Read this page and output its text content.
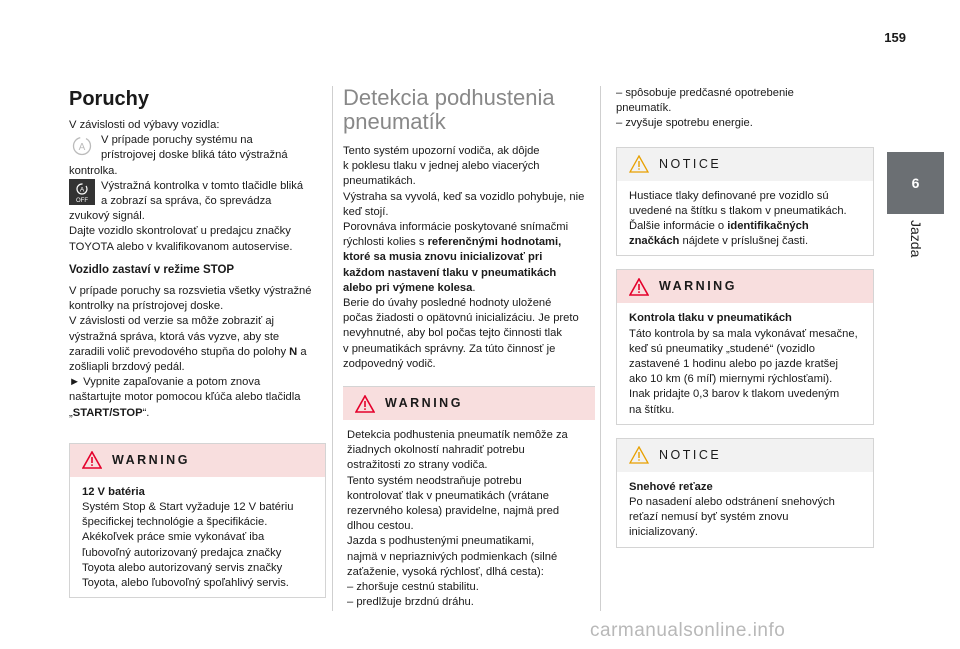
159
6
Jazda
Poruchy

V závislosti od výbavy vozidla:

A

V prípade poruchy systému na

prístrojovej doske bliká táto výstražná

kontrolka.

A
OFF

Výstražná kontrolka v tomto tlačidle bliká

a zobrazí sa správa, čo sprevádza

zvukový signál.

Dajte vozidlo skontrolovať u predajcu značky

TOYOTA alebo v kvalifikovanom autoservise.

Vozidlo zastaví v režime STOP

V prípade poruchy sa rozsvietia všetky výstražné

kontrolky na prístrojovej doske.

V závislosti od verzie sa môže zobraziť aj

výstražná správa, ktorá vás vyzve, aby ste

zaradili volič prevodového stupňa do polohy N a

zošliapli brzdový pedál.

► Vypnite zapaľovanie a potom znova

naštartujte motor pomocou kľúča alebo tlačidla

„START/STOP“.

WARNING

12 V batéria

Systém Stop & Start vyžaduje 12 V batériu

špecifickej technológie a špecifikácie.

Akékoľvek práce smie vykonávať iba

ľubovoľný autorizovaný predajca značky

Toyota alebo autorizovaný servis značky

Toyota, alebo ľubovoľný spoľahlivý servis.

Detekcia podhustenia
pneumatík

Tento systém upozorní vodiča, ak dôjde

k poklesu tlaku v jednej alebo viacerých

pneumatikách.

Výstraha sa vyvolá, keď sa vozidlo pohybuje, nie

keď stojí.

Porovnáva informácie poskytované snímačmi

rýchlosti kolies s referenčnými hodnotami,

ktoré sa musia znovu inicializovať pri

každom nastavení tlaku v pneumatikách

alebo pri výmene kolesa.

Berie do úvahy posledné hodnoty uložené

počas žiadosti o opätovnú inicializáciu. Je preto

nevyhnutné, aby bol počas tejto činnosti tlak

v pneumatikách správny. Za túto činnosť je

zodpovedný vodič.

WARNING

Detekcia podhustenia pneumatík nemôže za

žiadnych okolností nahradiť potrebu

ostražitosti zo strany vodiča.

Tento systém neodstraňuje potrebu

kontrolovať tlak v pneumatikách (vrátane

rezervného kolesa) pravidelne, najmä pred

dlhou cestou.

Jazda s podhustenými pneumatikami,

najmä v nepriaznivých podmienkach (silné

zaťaženie, vysoká rýchlosť, dlhá cesta):

– zhoršuje cestnú stabilitu.

– predlžuje brzdnú dráhu.

– spôsobuje predčasné opotrebenie

pneumatík.

– zvyšuje spotrebu energie.

NOTICE

Hustiace tlaky definované pre vozidlo sú

uvedené na štítku s tlakom v pneumatikách.

Ďalšie informácie o identifikačných

značkách nájdete v príslušnej časti.

WARNING

Kontrola tlaku v pneumatikách

Táto kontrola by sa mala vykonávať mesačne,

keď sú pneumatiky „studené“ (vozidlo

zastavené 1 hodinu alebo po jazde kratšej

ako 10 km (6 míľ) miernymi rýchlosťami).

Inak pridajte 0,3 barov k tlakom uvedeným

na štítku.

NOTICE

Snehové reťaze

Po nasadení alebo odstránení snehových

reťazí nemusí byť systém znovu

inicializovaný.

carmanualsonline.info
